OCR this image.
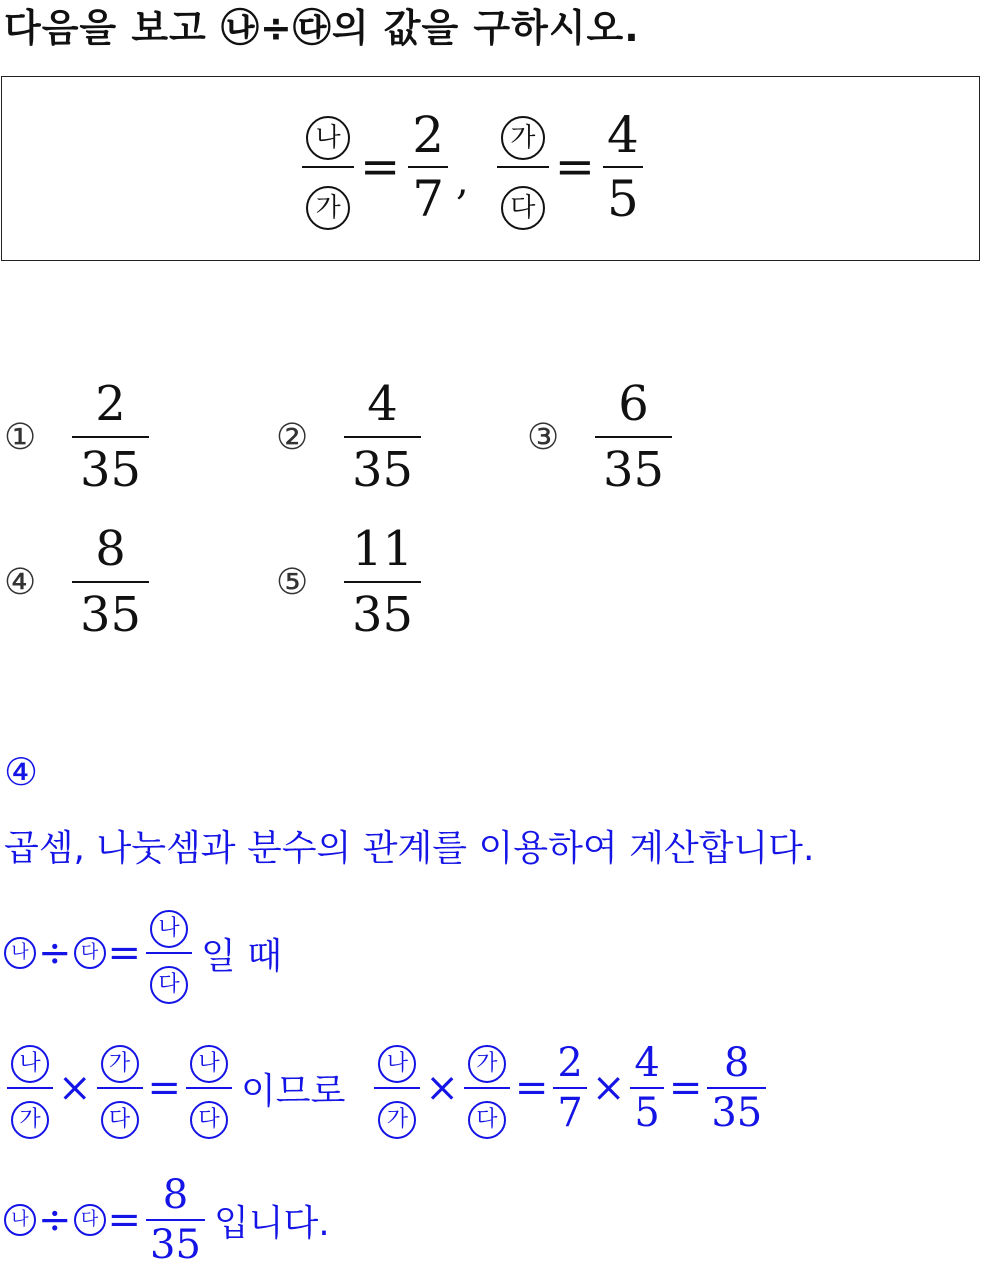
다음을 보고 ㉯÷㉰의 값을 구하시오.
$\frac{\text{나}}{\text{가}} = \frac{2}{7}$ , $\frac{\text{가}}{\text{다}} = \frac{4}{5}$
① $\frac{2}{35}$	② $\frac{4}{35}$	③ $\frac{6}{35}$
④ $\frac{8}{35}$	⑤ $\frac{11}{35}$
④
곱셈, 나눗셈과 분수의 관계를 이용하여 계산합니다.
나 ÷ 다 = $\frac{\text{나}}{\text{다}}$ 일 때
$\frac{\text{나}}{\text{가}} \times \frac{\text{가}}{\text{다}} = \frac{\text{나}}{\text{다}}$ 이므로 $\frac{\text{나}}{\text{가}} \times \frac{\text{가}}{\text{다}} = \frac{2}{7} \times \frac{4}{5} = \frac{8}{35}$
나 ÷ 다 = $\frac{8}{35}$ 입니다.
